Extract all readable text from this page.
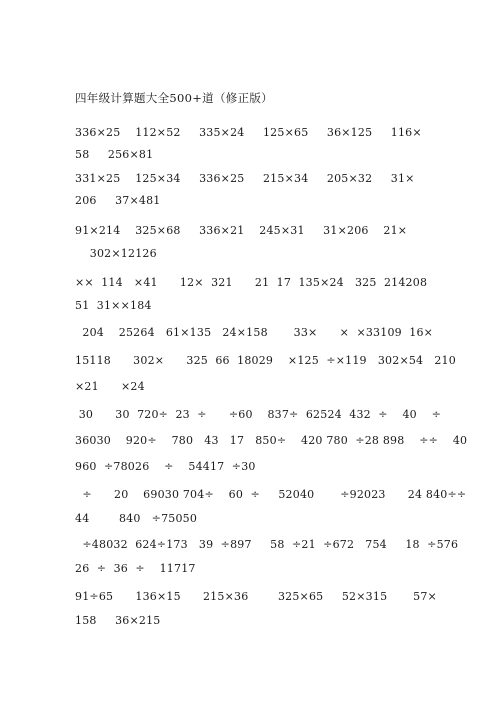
四年级计算题大全500+道（修正版）
336×25    112×52     335×24     125×65     36×125     116×
58     256×81
331×25    125×34     336×25     215×34     205×32     31×
206     37×481
91×214    325×68     336×21    245×31     31×206    21×
302×12126
××  114   ×41      12×  321      21  17  135×24   325  214208
51  31××184
204    25264   61×135   24×158       33×      ×  ×33109  16×
15118      302×      325  66  18029    ×125  ÷×119   302×54   210
×21      ×24
30      30  720÷  23  ÷      ÷60    837÷  62524  432  ÷    40    ÷
36030    920÷    780   43   17   850÷    420 780  ÷28 898    ÷÷    40
960  ÷78026    ÷    54417  ÷30
÷      20    69030 704÷    60  ÷     52040       ÷92023      24 840÷÷
44        840   ÷75050
÷48032  624÷173   39  ÷897     58  ÷21  ÷672   754     18  ÷576
26  ÷  36  ÷    11717
91÷65      136×15      215×36        325×65     52×315       57×
158     36×215
